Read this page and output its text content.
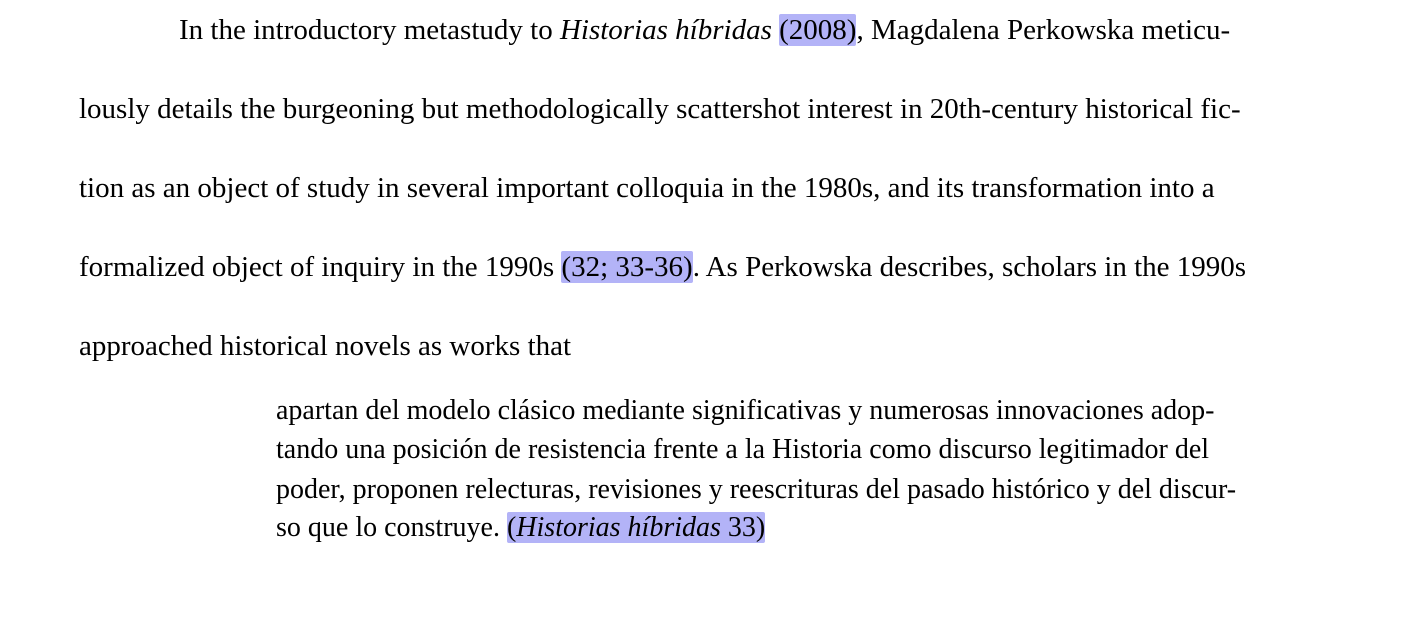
In the introductory metastudy to Historias híbridas (2008), Magdalena Perkowska meticu-
lously details the burgeoning but methodologically scattershot interest in 20th-century historical fic-
tion as an object of study in several important colloquia in the 1980s, and its transformation into a
formalized object of inquiry in the 1990s (32; 33-36). As Perkowska describes, scholars in the 1990s
approached historical novels as works that
apartan del modelo clásico mediante significativas y numerosas innovaciones adop-
tando una posición de resistencia frente a la Historia como discurso legitimador del
poder, proponen relecturas, revisiones y reescrituras del pasado histórico y del discur-
so que lo construye. (Historias híbridas 33)
